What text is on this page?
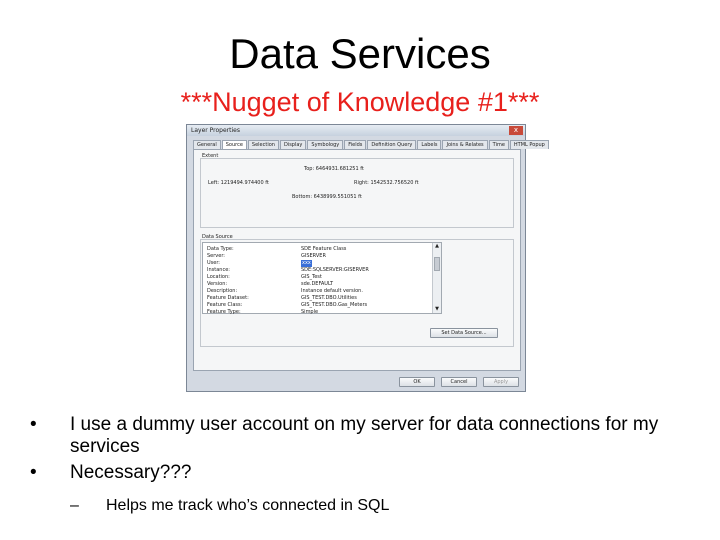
Data Services
***Nugget of Knowledge #1***
Layer Properties	x
General	Source	Selection	Display	Symbology	Fields	Definition Query	Labels	Joins & Relates	Time	HTML Popup
Extent
Top: 6464931.681251 ft
Left: 1219494.974400 ft	Right: 1542532.756520 ft
Bottom: 6438999.551051 ft
Data Source
Data Type:	SDE Feature Class
Server:	GISERVER
User:	xxx
Instance:	SDE:SQLSERVER:GISERVER
Location:	GIS_Test
Version:	sde.DEFAULT
Description:	Instance default version.
Feature Dataset:	GIS_TEST.DBO.Utilities
Feature Class:	GIS_TEST.DBO.Gas_Meters
Feature Type:	Simple
▲
▼
Set Data Source...
OK	Cancel	Apply
• I use a dummy user account on my server for data connections for my services
• Necessary???
– Helps me track who’s connected in SQL
